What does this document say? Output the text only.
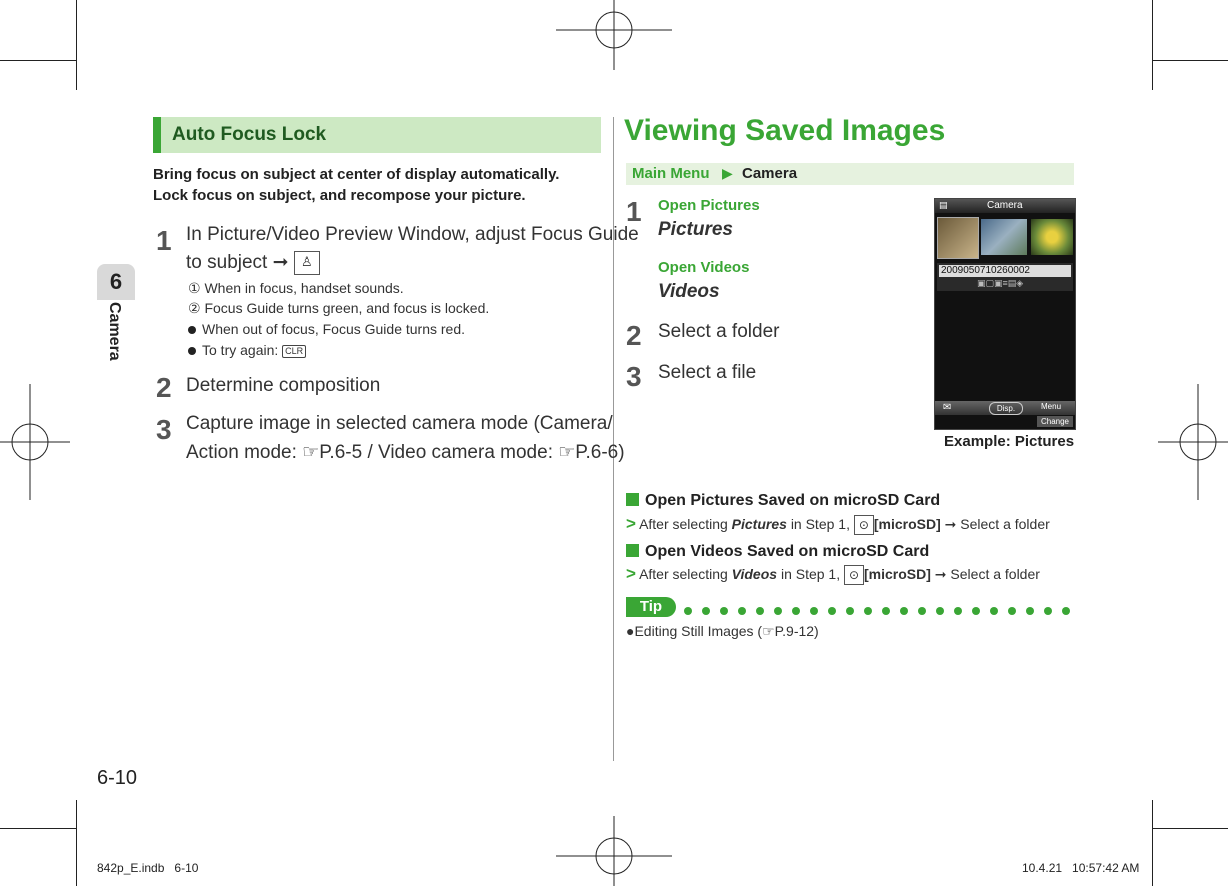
6
Camera
6-10
Auto Focus Lock
Bring focus on subject at center of display automatically.
Lock focus on subject, and recompose your picture.
1 In Picture/Video Preview Window, adjust Focus Guide
to subject ➞ ♙
① When in focus, handset sounds.
② Focus Guide turns green, and focus is locked.
When out of focus, Focus Guide turns red.
To try again: CLR
2 Determine composition
3 Capture image in selected camera mode (Camera/
Action mode: ☞P.6-5 / Video camera mode: ☞P.6-6)
Viewing Saved Images
Main Menu ▶ Camera
1 Open Pictures
Pictures
Open Videos
Videos
2 Select a folder
3 Select a file
▤	Camera
2009050710260002
▣▢▣≡▤◈
✉	Disp.	Menu
Change
Example: Pictures
Open Pictures Saved on microSD Card
> After selecting Pictures in Step 1, ⊙ [microSD] ➞ Select a folder
Open Videos Saved on microSD Card
> After selecting Videos in Step 1, ⊙ [microSD] ➞ Select a folder
Tip
●Editing Still Images (☞P.9-12)
842p_E.indb   6-10	10.4.21   10:57:42 AM
